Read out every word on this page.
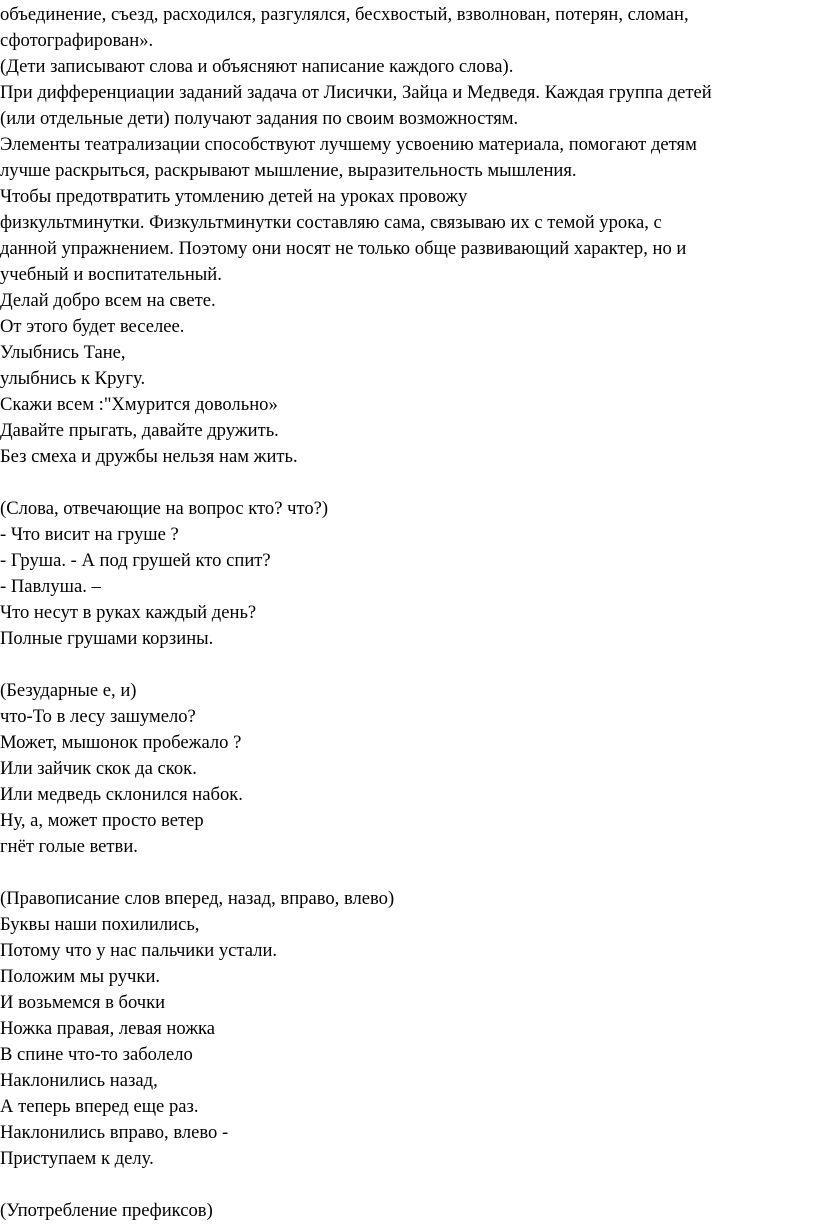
объединение, съезд, расходился, разгулялся, бесхвостый, взволнован, потерян, сломан,
сфотографирован».
(Дети записывают слова и объясняют написание каждого слова).
При дифференциации заданий задача от Лисички, Зайца и Медведя. Каждая группа детей
(или отдельные дети) получают задания по своим возможностям.
Элементы театрализации способствуют лучшему усвоению материала, помогают детям
лучше раскрыться, раскрывают мышление, выразительность мышления.
Чтобы предотвратить утомлению детей на уроках провожу
физкультминутки. Физкультминутки составляю сама, связываю их с темой урока, с
данной упражнением. Поэтому они носят не только обще развивающий характер, но и
учебный и воспитательный.
Делай добро всем на свете.
От этого будет веселее.
Улыбнись Тане,
улыбнись к Кругу.
Скажи всем :"Хмурится довольно»
Давайте прыгать, давайте дружить.
Без смеха и дружбы нельзя нам жить.
(Слова, отвечающие на вопрос кто? что?)
- Что висит на груше ?
- Груша. - А под грушей кто спит?
- Павлуша. –
Что несут в руках каждый день?
Полные грушами корзины.
(Безударные е, и)
что-То в лесу зашумело?
Может, мышонок пробежало ?
Или зайчик скок да скок.
Или медведь склонился набок.
Ну, а, может просто ветер
гнёт голые ветви.
(Правописание слов вперед, назад, вправо, влево)
Буквы наши похилились,
Потому что у нас пальчики устали.
Положим мы ручки.
И возьмемся в бочки
Ножка правая, левая ножка
В спине что-то заболело
Наклонились назад,
А теперь вперед еще раз.
Наклонились вправо, влево -
Приступаем к делу.
(Употребление префиксов)
